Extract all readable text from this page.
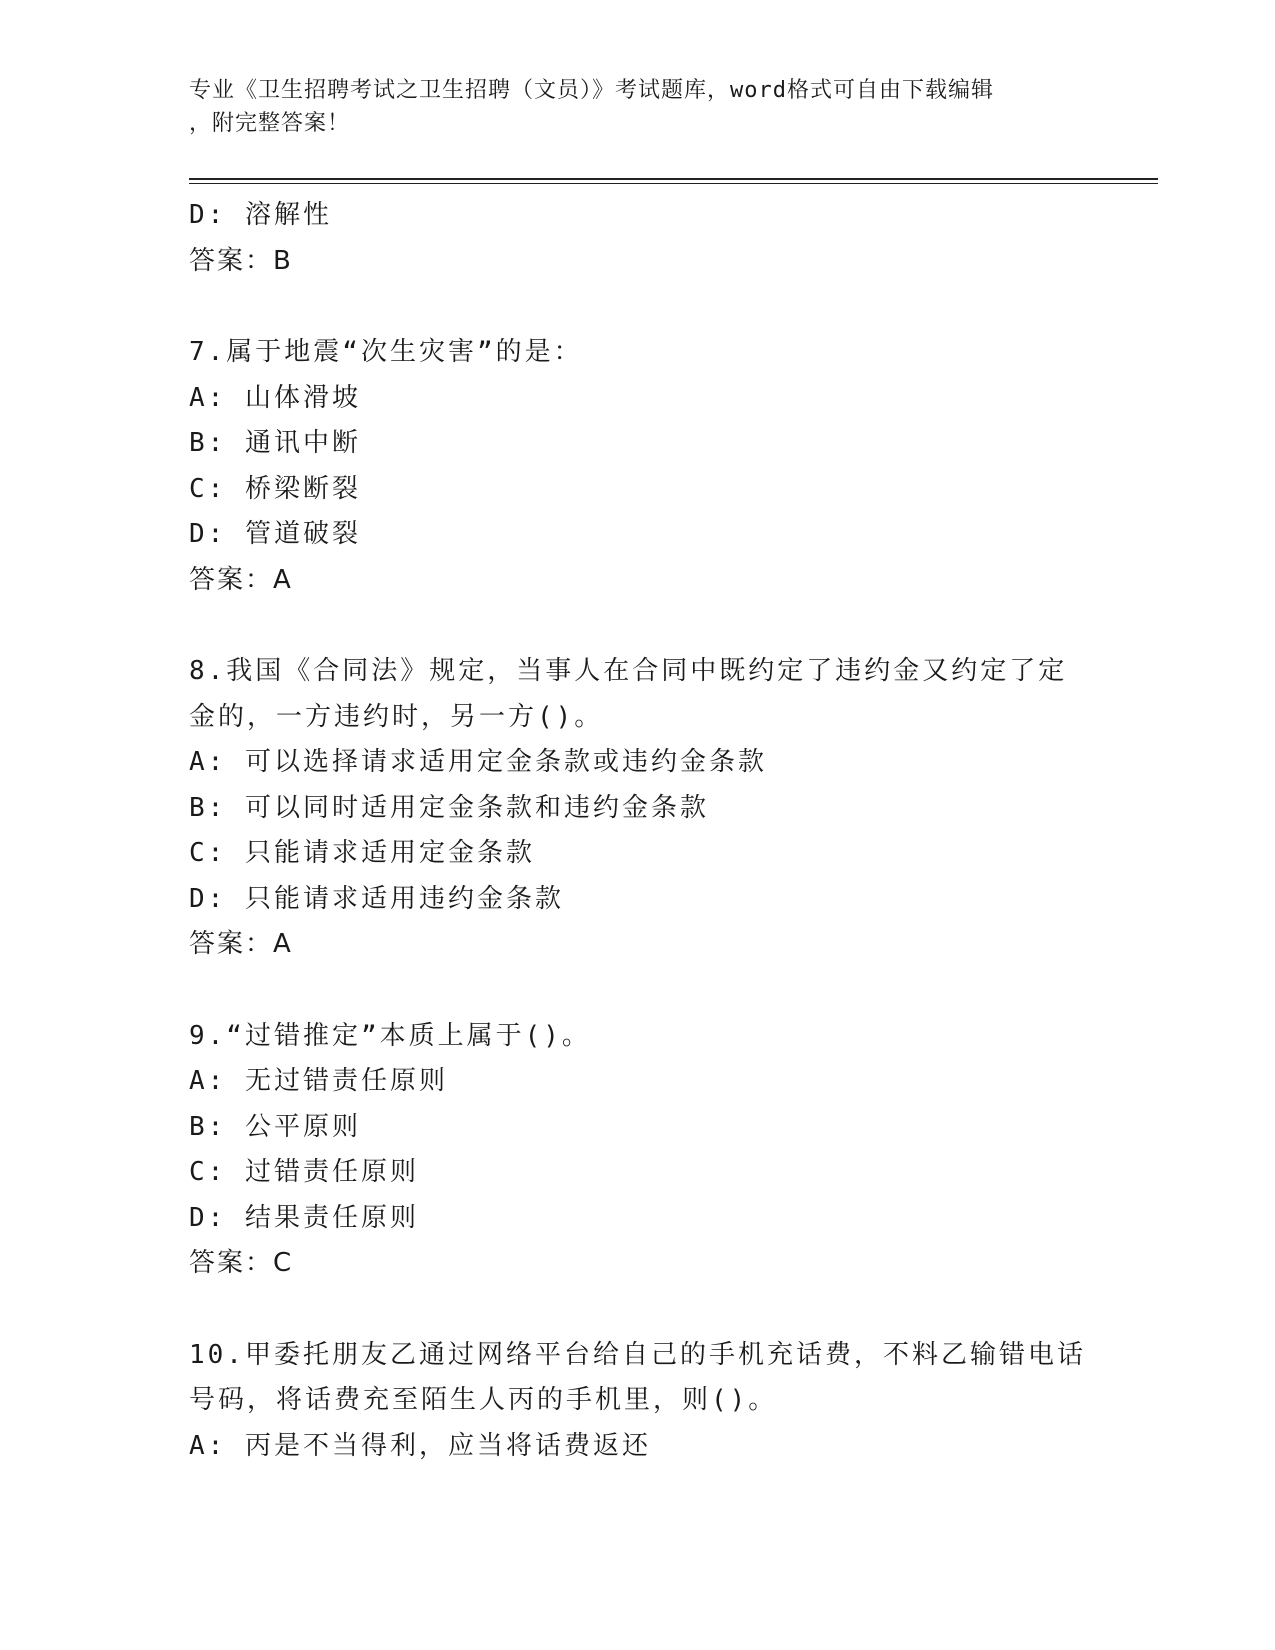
专业《卫生招聘考试之卫生招聘（文员）》考试题库，word格式可自由下载编辑
，附完整答案！
D: 溶解性
答案：B
7.属于地震“次生灾害”的是：
A: 山体滑坡
B: 通讯中断
C: 桥梁断裂
D: 管道破裂
答案：A
8.我国《合同法》规定，当事人在合同中既约定了违约金又约定了定
金的，一方违约时，另一方()。
A: 可以选择请求适用定金条款或违约金条款
B: 可以同时适用定金条款和违约金条款
C: 只能请求适用定金条款
D: 只能请求适用违约金条款
答案：A
9.“过错推定”本质上属于()。
A: 无过错责任原则
B: 公平原则
C: 过错责任原则
D: 结果责任原则
答案：C
10.甲委托朋友乙通过网络平台给自己的手机充话费，不料乙输错电话
号码，将话费充至陌生人丙的手机里，则()。
A: 丙是不当得利，应当将话费返还
